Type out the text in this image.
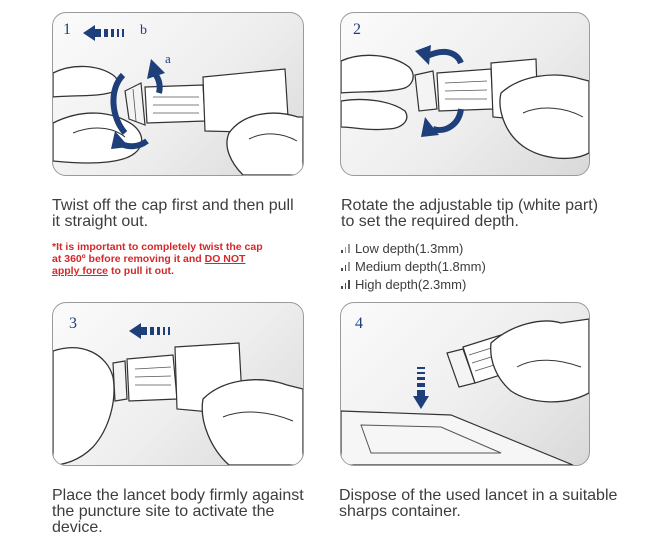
1	b
a
2
3	4
Twist off the cap first and then pull
it straight out.
*It is important to completely twist the cap
at 360º before removing it and DO NOT
apply force to pull it out.
Rotate the adjustable tip (white part)
to set the required depth.
Low depth(1.3mm)
Medium depth(1.8mm)
High depth(2.3mm)
Place the lancet body firmly against
the puncture site to activate the
device.
Dispose of the used lancet in a suitable
sharps container.
